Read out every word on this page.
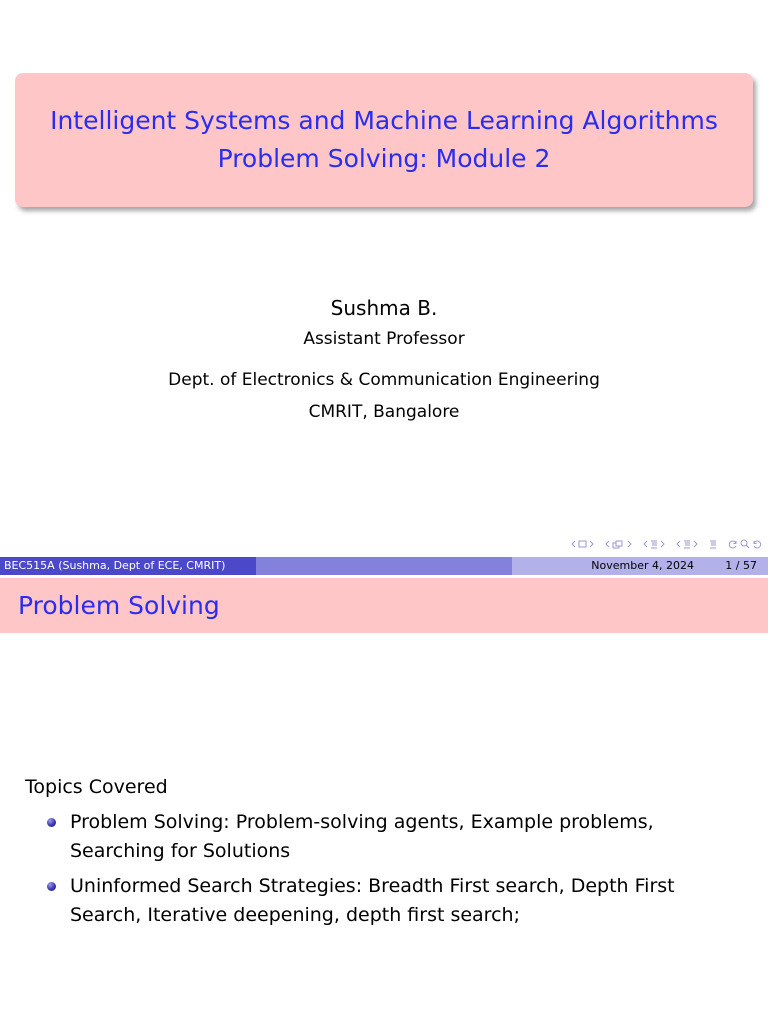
Intelligent Systems and Machine Learning Algorithms
Problem Solving: Module 2
Sushma B.
Assistant Professor
Dept. of Electronics & Communication Engineering
CMRIT, Bangalore
BEC515A (Sushma, Dept of ECE, CMRIT)	November 4, 2024	1 / 57
Problem Solving
Topics Covered
Problem Solving: Problem-solving agents, Example problems,
Searching for Solutions
Uninformed Search Strategies: Breadth First search, Depth First
Search, Iterative deepening, depth first search;
